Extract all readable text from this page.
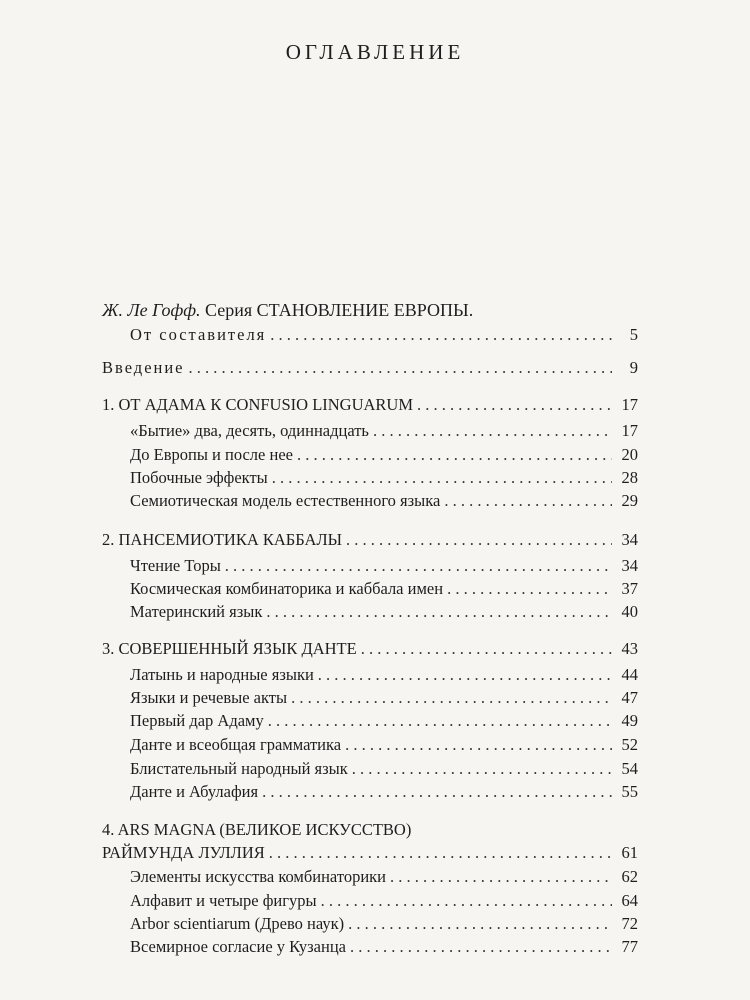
ОГЛАВЛЕНИЕ
Ж. Ле Гофф. Серия СТАНОВЛЕНИЕ ЕВРОПЫ.
От составителя . . .	5
Введение . . .	9
1. ОТ АДАМА К CONFUSIO LINGUARUM . . .	17
«Бытие» два, десять, одиннадцать . . .	17
До Европы и после нее . . .	20
Побочные эффекты . . .	28
Семиотическая модель естественного языка . . .	29
2. ПАНСЕМИОТИКА КАББАЛЫ . . .	34
Чтение Торы . . .	34
Космическая комбинаторика и каббала имен . . .	37
Материнский язык . . .	40
3. СОВЕРШЕННЫЙ ЯЗЫК ДАНТЕ . . .	43
Латынь и народные языки . . .	44
Языки и речевые акты . . .	47
Первый дар Адаму . . .	49
Данте и всеобщая грамматика . . .	52
Блистательный народный язык . . .	54
Данте и Абулафия . . .	55
4. ARS MAGNA (ВЕЛИКОЕ ИСКУССТВО)
РАЙМУНДА ЛУЛЛИЯ . . .	61
Элементы искусства комбинаторики . . .	62
Алфавит и четыре фигуры . . .	64
Arbor scientiarum (Древо наук) . . .	72
Всемирное согласие у Кузанца . . .	77
